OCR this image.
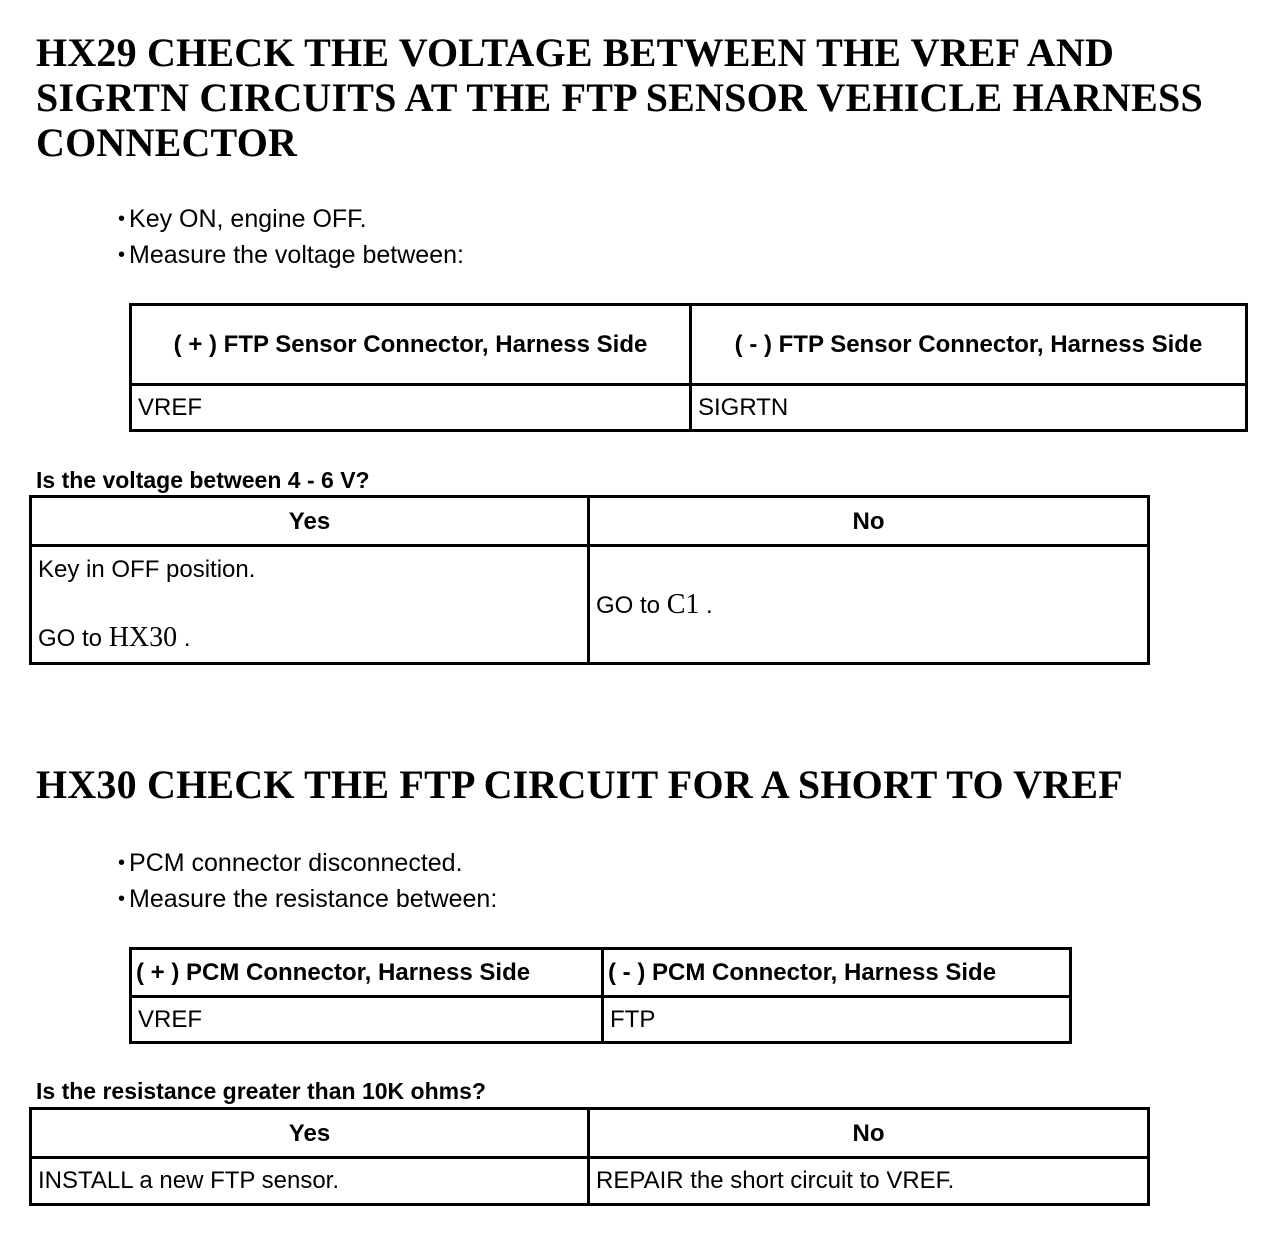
HX29 CHECK THE VOLTAGE BETWEEN THE VREF AND SIGRTN CIRCUITS AT THE FTP SENSOR VEHICLE HARNESS CONNECTOR
• Key ON, engine OFF.
• Measure the voltage between:
( + ) FTP Sensor Connector, Harness Side	( - ) FTP Sensor Connector, Harness Side
VREF	SIGRTN
Is the voltage between 4 - 6 V?
Yes	No
Key in OFF position.
GO to HX30 .	GO to C1 .
HX30 CHECK THE FTP CIRCUIT FOR A SHORT TO VREF
• PCM connector disconnected.
• Measure the resistance between:
( + ) PCM Connector, Harness Side	( - ) PCM Connector, Harness Side
VREF	FTP
Is the resistance greater than 10K ohms?
Yes	No
INSTALL a new FTP sensor.	REPAIR the short circuit to VREF.
